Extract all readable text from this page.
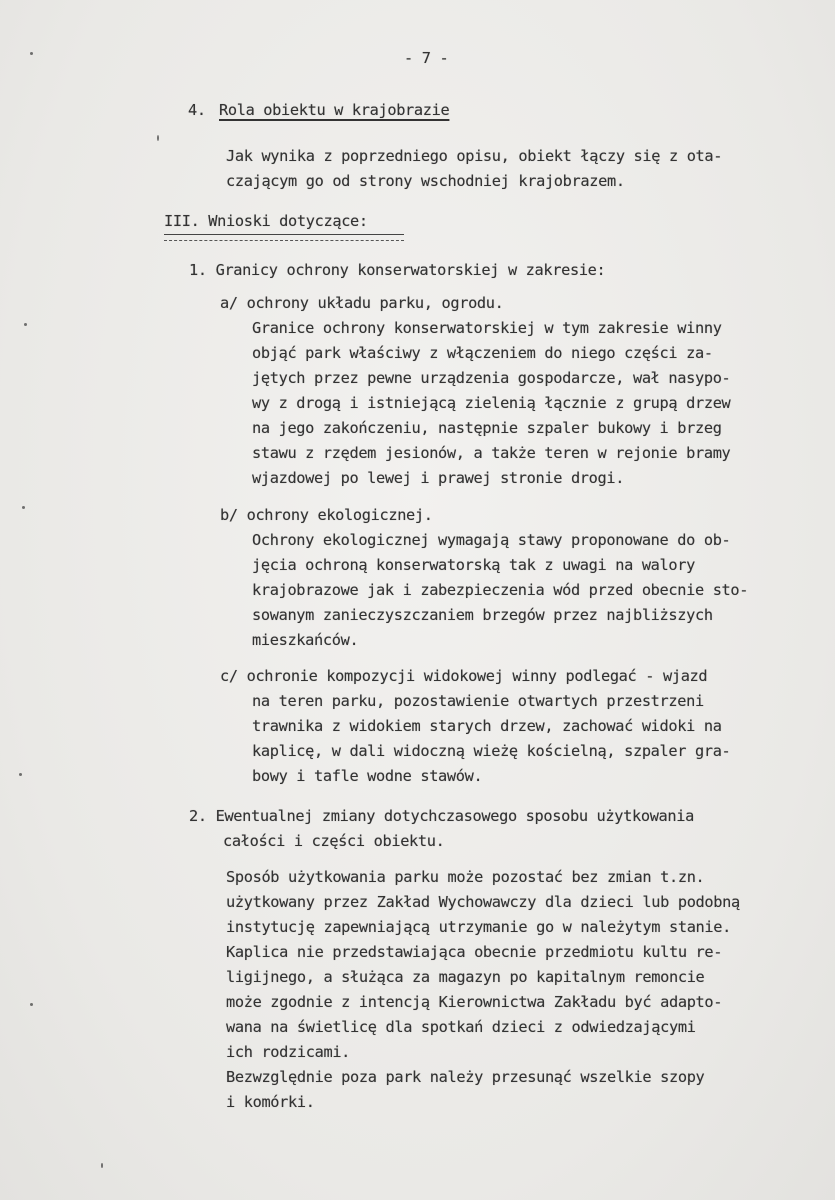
- 7 -
4. Rola obiektu w krajobrazie
Jak wynika z poprzedniego opisu, obiekt łączy się z ota-
czającym go od strony wschodniej krajobrazem.
III. Wnioski dotyczące:
1. Granicy ochrony konserwatorskiej w zakresie:
a/ ochrony układu parku, ogrodu.
Granice ochrony konserwatorskiej w tym zakresie winny
objąć park właściwy z włączeniem do niego części za-
jętych przez pewne urządzenia gospodarcze, wał nasypo-
wy z drogą i istniejącą zielenią łącznie z grupą drzew
na jego zakończeniu, następnie szpaler bukowy i brzeg
stawu z rzędem jesionów, a także teren w rejonie bramy
wjazdowej po lewej i prawej stronie drogi.
b/ ochrony ekologicznej.
Ochrony ekologicznej wymagają stawy proponowane do ob-
jęcia ochroną konserwatorską tak z uwagi na walory
krajobrazowe jak i zabezpieczenia wód przed obecnie sto-
sowanym zanieczyszczaniem brzegów przez najbliższych
mieszkańców.
c/ ochronie kompozycji widokowej winny podlegać - wjazd
na teren parku, pozostawienie otwartych przestrzeni
trawnika z widokiem starych drzew, zachować widoki na
kaplicę, w dali widoczną wieżę kościelną, szpaler gra-
bowy i tafle wodne stawów.
2. Ewentualnej zmiany dotychczasowego sposobu użytkowania
całości i części obiektu.
Sposób użytkowania parku może pozostać bez zmian t.zn.
użytkowany przez Zakład Wychowawczy dla dzieci lub podobną
instytucję zapewniającą utrzymanie go w należytym stanie.
Kaplica nie przedstawiająca obecnie przedmiotu kultu re-
ligijnego, a służąca za magazyn po kapitalnym remoncie
może zgodnie z intencją Kierownictwa Zakładu być adapto-
wana na świetlicę dla spotkań dzieci z odwiedzającymi
ich rodzicami.
Bezwzględnie poza park należy przesunąć wszelkie szopy
i komórki.
